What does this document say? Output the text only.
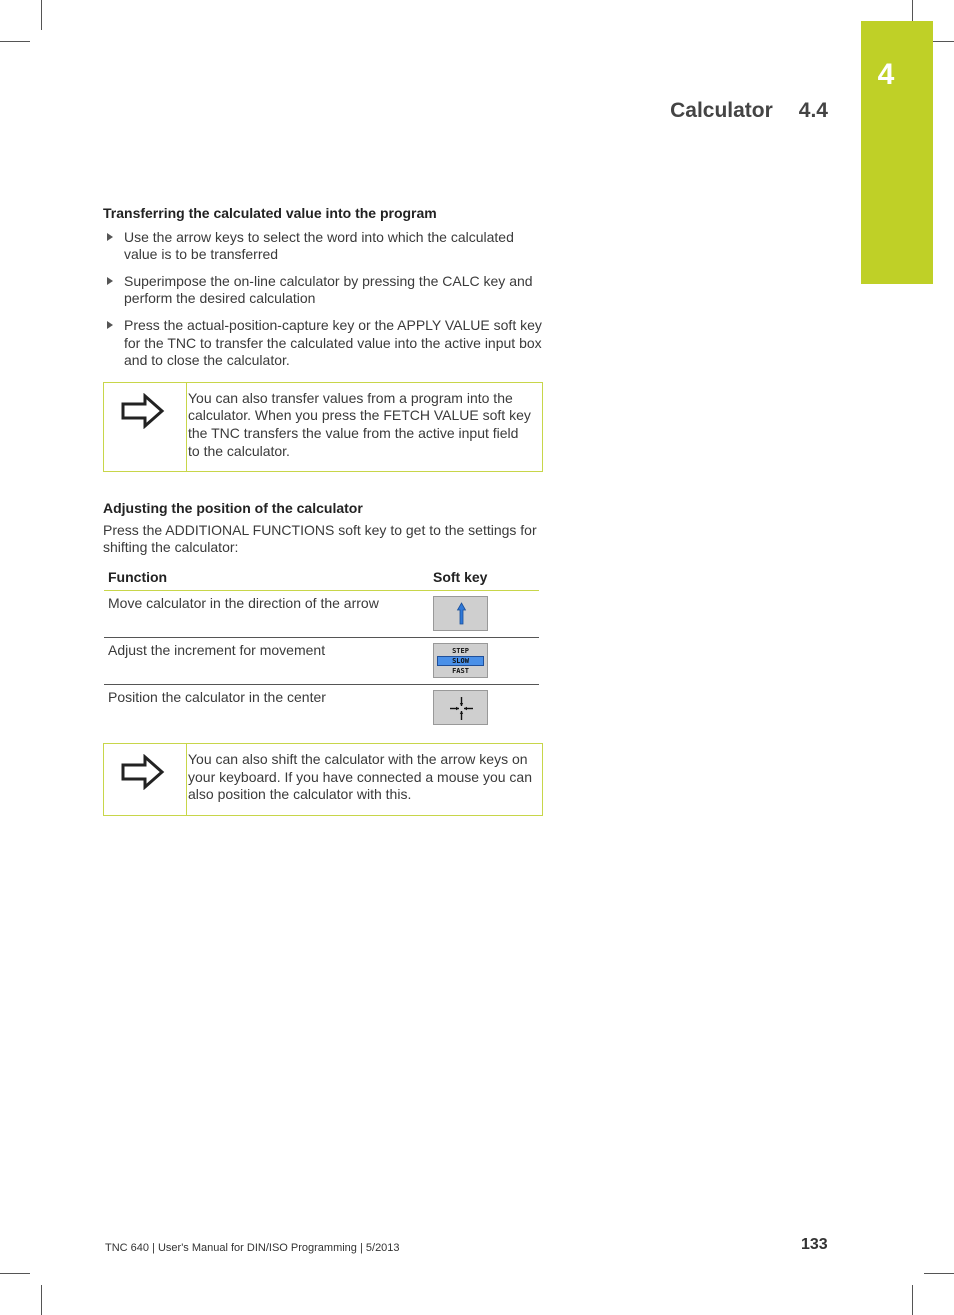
4
Calculator 4.4
Transferring the calculated value into the program
Use the arrow keys to select the word into which the calculated value is to be transferred
Superimpose the on-line calculator by pressing the CALC key and perform the desired calculation
Press the actual-position-capture key or the APPLY VALUE soft key for the TNC to transfer the calculated value into the active input box and to close the calculator.
You can also transfer values from a program into the calculator. When you press the FETCH VALUE soft key the TNC transfers the value from the active input field to the calculator.
Adjusting the position of the calculator
Press the ADDITIONAL FUNCTIONS soft key to get to the settings for shifting the calculator:
Function	Soft key
Move calculator in the direction of the arrow	

Adjust the increment for movement	STEP
SLOW
FAST

Position the calculator in the center	
You can also shift the calculator with the arrow keys on your keyboard. If you have connected a mouse you can also position the calculator with this.
TNC 640 | User's Manual for DIN/ISO Programming | 5/2013	133
